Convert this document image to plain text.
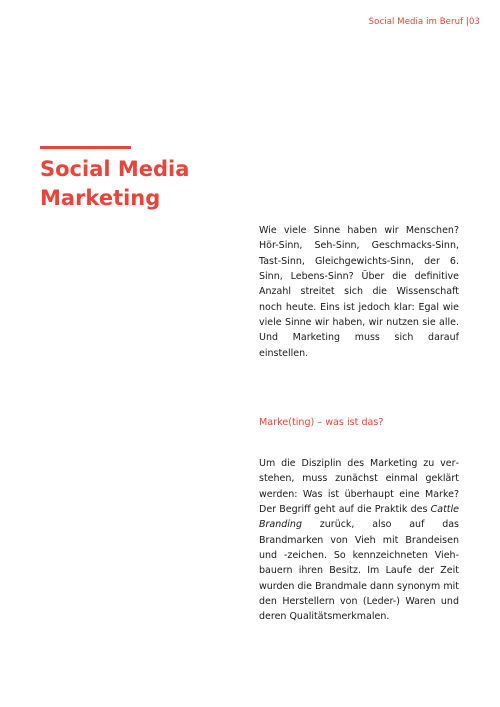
Social Media im Beruf |03
Social Media
Marketing

Wie viele Sinne haben wir Menschen? Hör-Sinn, Seh-Sinn, Geschmacks-Sinn, Tast-Sinn, Gleichgewichts-Sinn, der 6. Sinn, Lebens-Sinn? Über die definitive Anzahl streitet sich die Wissenschaft noch heute. Eins ist jedoch klar: Egal wie viele Sinne wir haben, wir nutzen sie alle. Und Marketing muss sich darauf einstellen.

Marke(ting) – was ist das?

Um die Disziplin des Marketing zu verstehen, muss zunächst einmal geklärt werden: Was ist überhaupt eine Marke? Der Begriff geht auf die Praktik des Cattle Branding zurück, also auf das Brandmarken von Vieh mit Brandeisen und -zeichen. So kennzeichneten Viehbauern ihren Besitz. Im Laufe der Zeit wurden die Brandmale dann synonym mit den Herstellern von (Leder-) Waren und deren Qualitätsmerkmalen.
